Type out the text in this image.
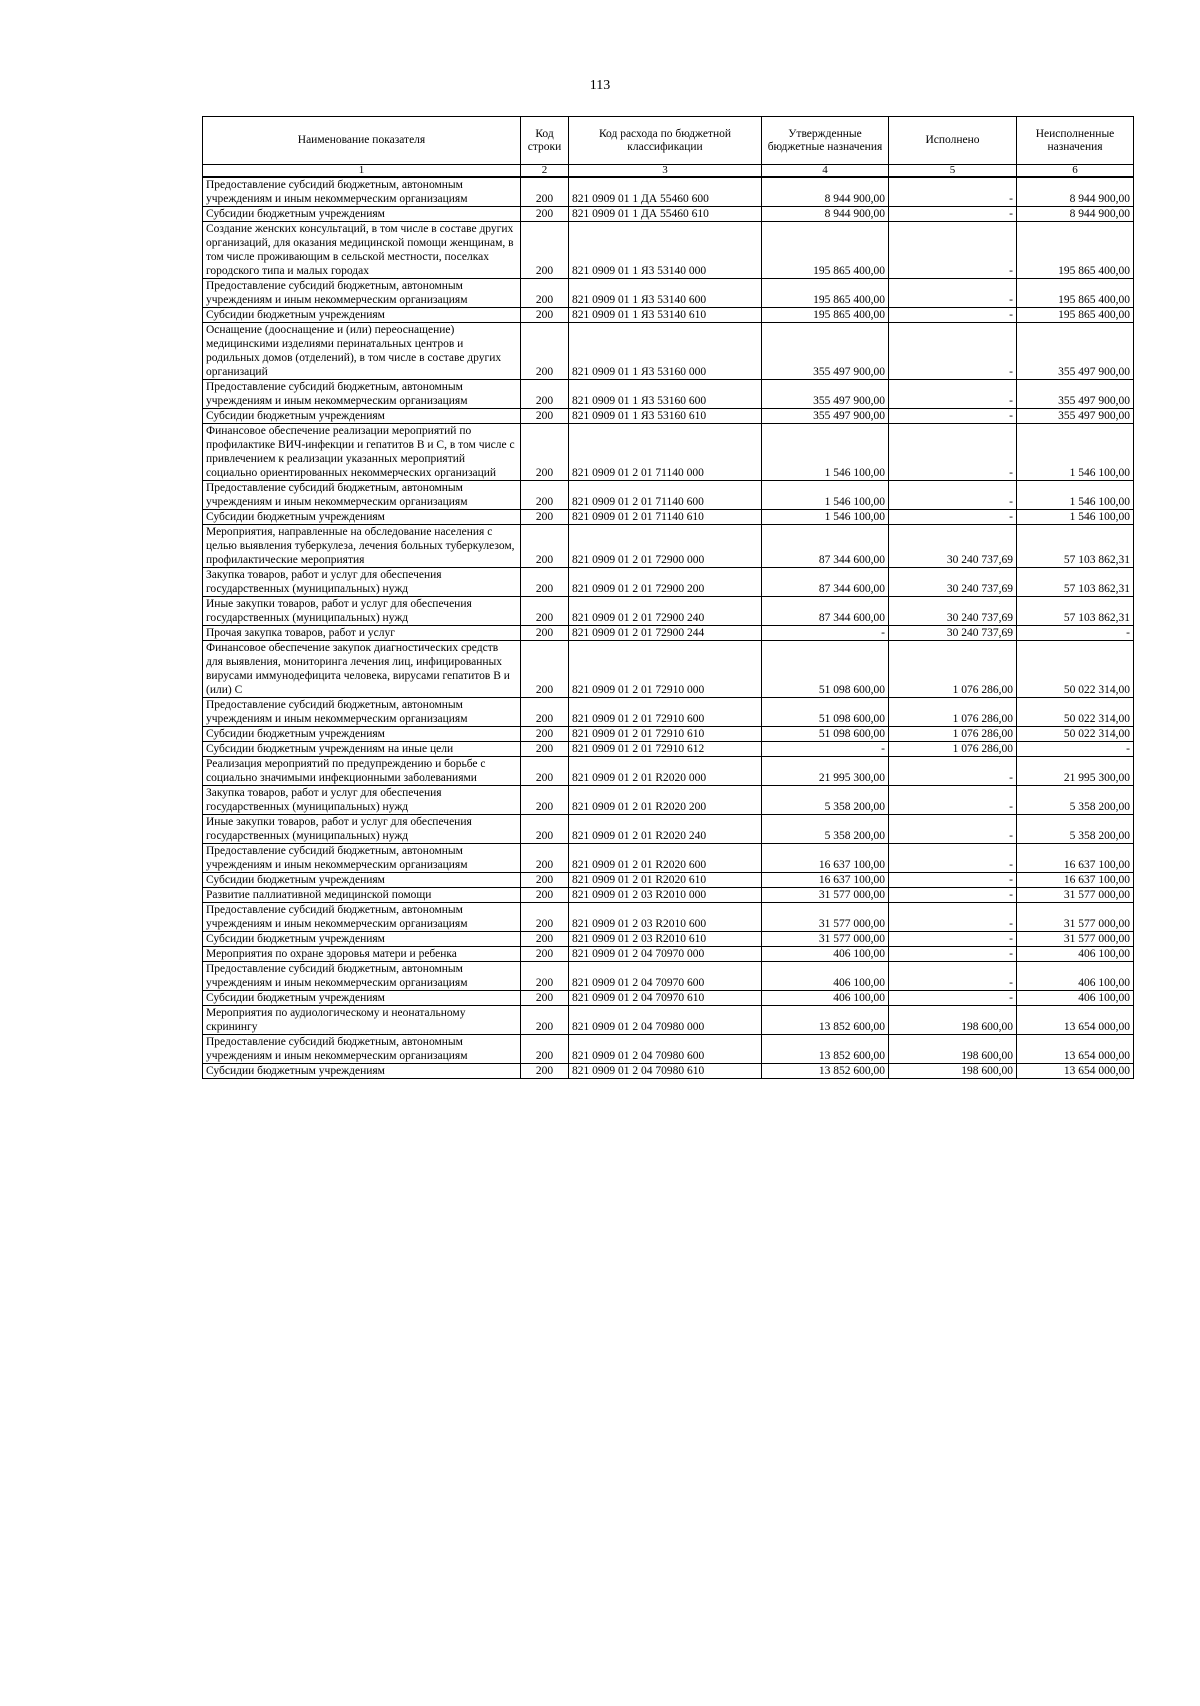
113
Наименование показателя	Код строки	Код расхода по бюджетной классификации	Утвержденные бюджетные назначения	Исполнено	Неисполненные назначения
1	2	3	4	5	6
Предоставление субсидий бюджетным, автономным учреждениям и иным некоммерческим организациям	200	821 0909 01 1 ДА 55460 600	8 944 900,00	-	8 944 900,00
Субсидии бюджетным учреждениям	200	821 0909 01 1 ДА 55460 610	8 944 900,00	-	8 944 900,00
Создание женских консультаций, в том числе в составе других организаций, для оказания медицинской помощи женщинам, в том числе проживающим в сельской местности, поселках городского типа и малых городах	200	821 0909 01 1 Я3 53140 000	195 865 400,00	-	195 865 400,00
Предоставление субсидий бюджетным, автономным учреждениям и иным некоммерческим организациям	200	821 0909 01 1 Я3 53140 600	195 865 400,00	-	195 865 400,00
Субсидии бюджетным учреждениям	200	821 0909 01 1 Я3 53140 610	195 865 400,00	-	195 865 400,00
Оснащение (дооснащение и (или) переоснащение) медицинскими изделиями перинатальных центров и родильных домов (отделений), в том числе в составе других организаций	200	821 0909 01 1 Я3 53160 000	355 497 900,00	-	355 497 900,00
Предоставление субсидий бюджетным, автономным учреждениям и иным некоммерческим организациям	200	821 0909 01 1 Я3 53160 600	355 497 900,00	-	355 497 900,00
Субсидии бюджетным учреждениям	200	821 0909 01 1 Я3 53160 610	355 497 900,00	-	355 497 900,00
Финансовое обеспечение реализации мероприятий по профилактике ВИЧ-инфекции и гепатитов В и С, в том числе с привлечением к реализации указанных мероприятий социально ориентированных некоммерческих организаций	200	821 0909 01 2 01 71140 000	1 546 100,00	-	1 546 100,00
Предоставление субсидий бюджетным, автономным учреждениям и иным некоммерческим организациям	200	821 0909 01 2 01 71140 600	1 546 100,00	-	1 546 100,00
Субсидии бюджетным учреждениям	200	821 0909 01 2 01 71140 610	1 546 100,00	-	1 546 100,00
Мероприятия, направленные на обследование населения с целью выявления туберкулеза, лечения больных туберкулезом, профилактические мероприятия	200	821 0909 01 2 01 72900 000	87 344 600,00	30 240 737,69	57 103 862,31
Закупка товаров, работ и услуг для обеспечения государственных (муниципальных) нужд	200	821 0909 01 2 01 72900 200	87 344 600,00	30 240 737,69	57 103 862,31
Иные закупки товаров, работ и услуг для обеспечения государственных (муниципальных) нужд	200	821 0909 01 2 01 72900 240	87 344 600,00	30 240 737,69	57 103 862,31
Прочая закупка товаров, работ и услуг	200	821 0909 01 2 01 72900 244	-	30 240 737,69	-
Финансовое обеспечение закупок диагностических средств для выявления, мониторинга лечения лиц, инфицированных вирусами иммунодефицита человека, вирусами гепатитов В и (или) С	200	821 0909 01 2 01 72910 000	51 098 600,00	1 076 286,00	50 022 314,00
Предоставление субсидий бюджетным, автономным учреждениям и иным некоммерческим организациям	200	821 0909 01 2 01 72910 600	51 098 600,00	1 076 286,00	50 022 314,00
Субсидии бюджетным учреждениям	200	821 0909 01 2 01 72910 610	51 098 600,00	1 076 286,00	50 022 314,00
Субсидии бюджетным учреждениям на иные цели	200	821 0909 01 2 01 72910 612	-	1 076 286,00	-
Реализация мероприятий по предупреждению и борьбе с социально значимыми инфекционными заболеваниями	200	821 0909 01 2 01 R2020 000	21 995 300,00	-	21 995 300,00
Закупка товаров, работ и услуг для обеспечения государственных (муниципальных) нужд	200	821 0909 01 2 01 R2020 200	5 358 200,00	-	5 358 200,00
Иные закупки товаров, работ и услуг для обеспечения государственных (муниципальных) нужд	200	821 0909 01 2 01 R2020 240	5 358 200,00	-	5 358 200,00
Предоставление субсидий бюджетным, автономным учреждениям и иным некоммерческим организациям	200	821 0909 01 2 01 R2020 600	16 637 100,00	-	16 637 100,00
Субсидии бюджетным учреждениям	200	821 0909 01 2 01 R2020 610	16 637 100,00	-	16 637 100,00
Развитие паллиативной медицинской помощи	200	821 0909 01 2 03 R2010 000	31 577 000,00	-	31 577 000,00
Предоставление субсидий бюджетным, автономным учреждениям и иным некоммерческим организациям	200	821 0909 01 2 03 R2010 600	31 577 000,00	-	31 577 000,00
Субсидии бюджетным учреждениям	200	821 0909 01 2 03 R2010 610	31 577 000,00	-	31 577 000,00
Мероприятия по охране здоровья матери и ребенка	200	821 0909 01 2 04 70970 000	406 100,00	-	406 100,00
Предоставление субсидий бюджетным, автономным учреждениям и иным некоммерческим организациям	200	821 0909 01 2 04 70970 600	406 100,00	-	406 100,00
Субсидии бюджетным учреждениям	200	821 0909 01 2 04 70970 610	406 100,00	-	406 100,00
Мероприятия по аудиологическому и неонатальному скринингу	200	821 0909 01 2 04 70980 000	13 852 600,00	198 600,00	13 654 000,00
Предоставление субсидий бюджетным, автономным учреждениям и иным некоммерческим организациям	200	821 0909 01 2 04 70980 600	13 852 600,00	198 600,00	13 654 000,00
Субсидии бюджетным учреждениям	200	821 0909 01 2 04 70980 610	13 852 600,00	198 600,00	13 654 000,00
